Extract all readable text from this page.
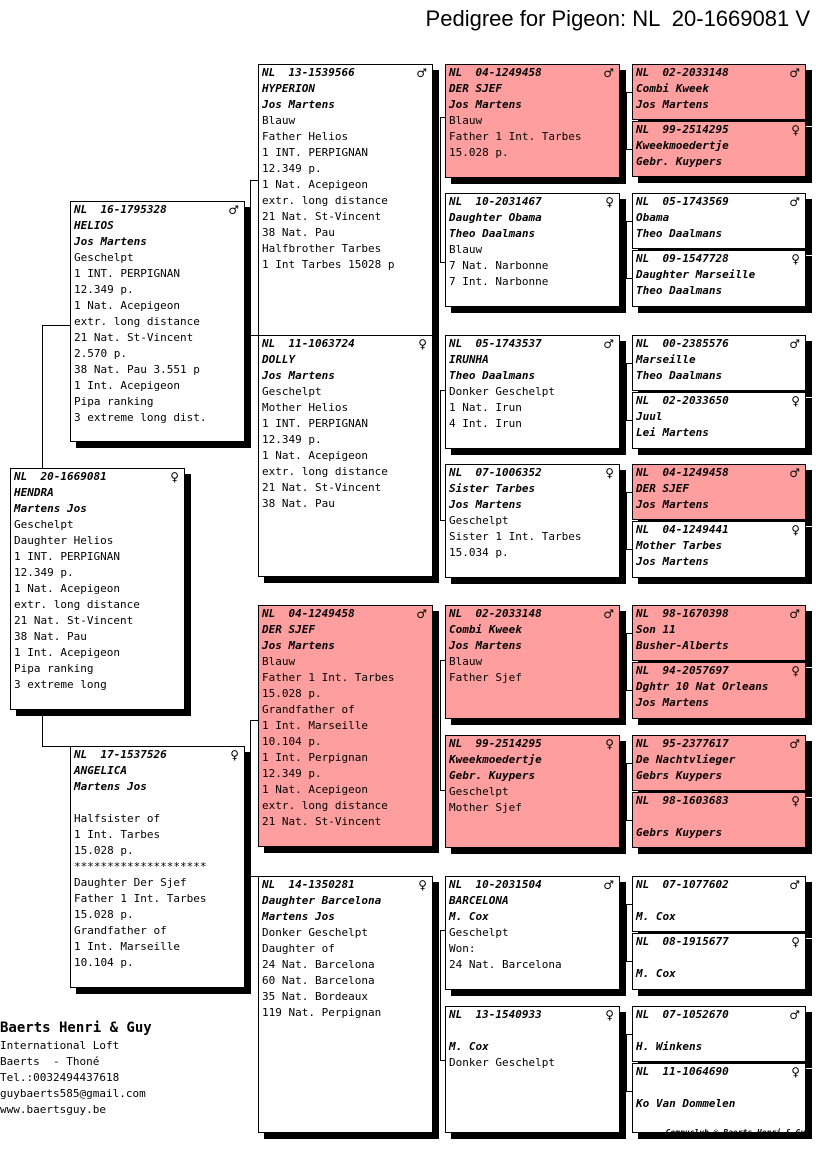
Pedigree for Pigeon: NL  20-1669081 V
NL  20-1669081	♀
HENDRA
Martens Jos
Geschelpt
Daughter Helios
1 INT. PERPIGNAN
12.349 p.
1 Nat. Acepigeon
extr. long distance
21 Nat. St-Vincent
38 Nat. Pau
1 Int. Acepigeon
Pipa ranking
3 extreme long
NL  16-1795328	♂
HELIOS
Jos Martens
Geschelpt
1 INT. PERPIGNAN
12.349 p.
1 Nat. Acepigeon
extr. long distance
21 Nat. St-Vincent
2.570 p.
38 Nat. Pau 3.551 p
1 Int. Acepigeon
Pipa ranking
3 extreme long dist.
NL  17-1537526	♀
ANGELICA
Martens Jos
Halfsister of
1 Int. Tarbes
15.028 p.
********************
Daughter Der Sjef
Father 1 Int. Tarbes
15.028 p.
Grandfather of
1 Int. Marseille
10.104 p.
NL  13-1539566	♂
HYPERION
Jos Martens
Blauw
Father Helios
1 INT. PERPIGNAN
12.349 p.
1 Nat. Acepigeon
extr. long distance
21 Nat. St-Vincent
38 Nat. Pau
Halfbrother Tarbes
1 Int Tarbes 15028 p
NL  11-1063724	♀
DOLLY
Jos Martens
Geschelpt
Mother Helios
1 INT. PERPIGNAN
12.349 p.
1 Nat. Acepigeon
extr. long distance
21 Nat. St-Vincent
38 Nat. Pau
NL  04-1249458	♂
DER SJEF
Jos Martens
Blauw
Father 1 Int. Tarbes
15.028 p.
Grandfather of
1 Int. Marseille
10.104 p.
1 Int. Perpignan
12.349 p.
1 Nat. Acepigeon
extr. long distance
21 Nat. St-Vincent
NL  14-1350281	♀
Daughter Barcelona
Martens Jos
Donker Geschelpt
Daughter of
24 Nat. Barcelona
60 Nat. Barcelona
35 Nat. Bordeaux
119 Nat. Perpignan
NL  04-1249458	♂
DER SJEF
Jos Martens
Blauw
Father 1 Int. Tarbes
15.028 p.
NL  10-2031467	♀
Daughter Obama
Theo Daalmans
Blauw
7 Nat. Narbonne
7 Int. Narbonne
NL  05-1743537	♂
IRUNHA
Theo Daalmans
Donker Geschelpt
1 Nat. Irun
4 Int. Irun
NL  07-1006352	♀
Sister Tarbes
Jos Martens
Geschelpt
Sister 1 Int. Tarbes
15.034 p.
NL  02-2033148	♂
Combi Kweek
Jos Martens
Blauw
Father Sjef
NL  99-2514295	♀
Kweekmoedertje
Gebr. Kuypers
Geschelpt
Mother Sjef
NL  10-2031504	♂
BARCELONA
M. Cox
Geschelpt
Won:
24 Nat. Barcelona
NL  13-1540933	♀
M. Cox
Donker Geschelpt
NL  02-2033148	♂
Combi Kweek
Jos Martens
NL  99-2514295	♀
Kweekmoedertje
Gebr. Kuypers
NL  05-1743569	♂
Obama
Theo Daalmans
NL  09-1547728	♀
Daughter Marseille
Theo Daalmans
NL  00-2385576	♂
Marseille
Theo Daalmans
NL  02-2033650	♀
Juul
Lei Martens
NL  04-1249458	♂
DER SJEF
Jos Martens
NL  04-1249441	♀
Mother Tarbes
Jos Martens
NL  98-1670398	♂
Son 11
Busher-Alberts
NL  94-2057697	♀
Dghtr 10 Nat Orleans
Jos Martens
NL  95-2377617	♂
De Nachtvlieger
Gebrs Kuypers
NL  98-1603683	♀
Gebrs Kuypers
NL  07-1077602	♂
M. Cox
NL  08-1915677	♀
M. Cox
NL  07-1052670	♂
H. Winkens
NL  11-1064690	♀
Ko Van Dommelen
Baerts Henri & Guy
International Loft
Baerts  - Thoné
Tel.:0032494437618
guybaerts585@gmail.com
www.baertsguy.be
Compuclub © Baerts Henri & Guy
